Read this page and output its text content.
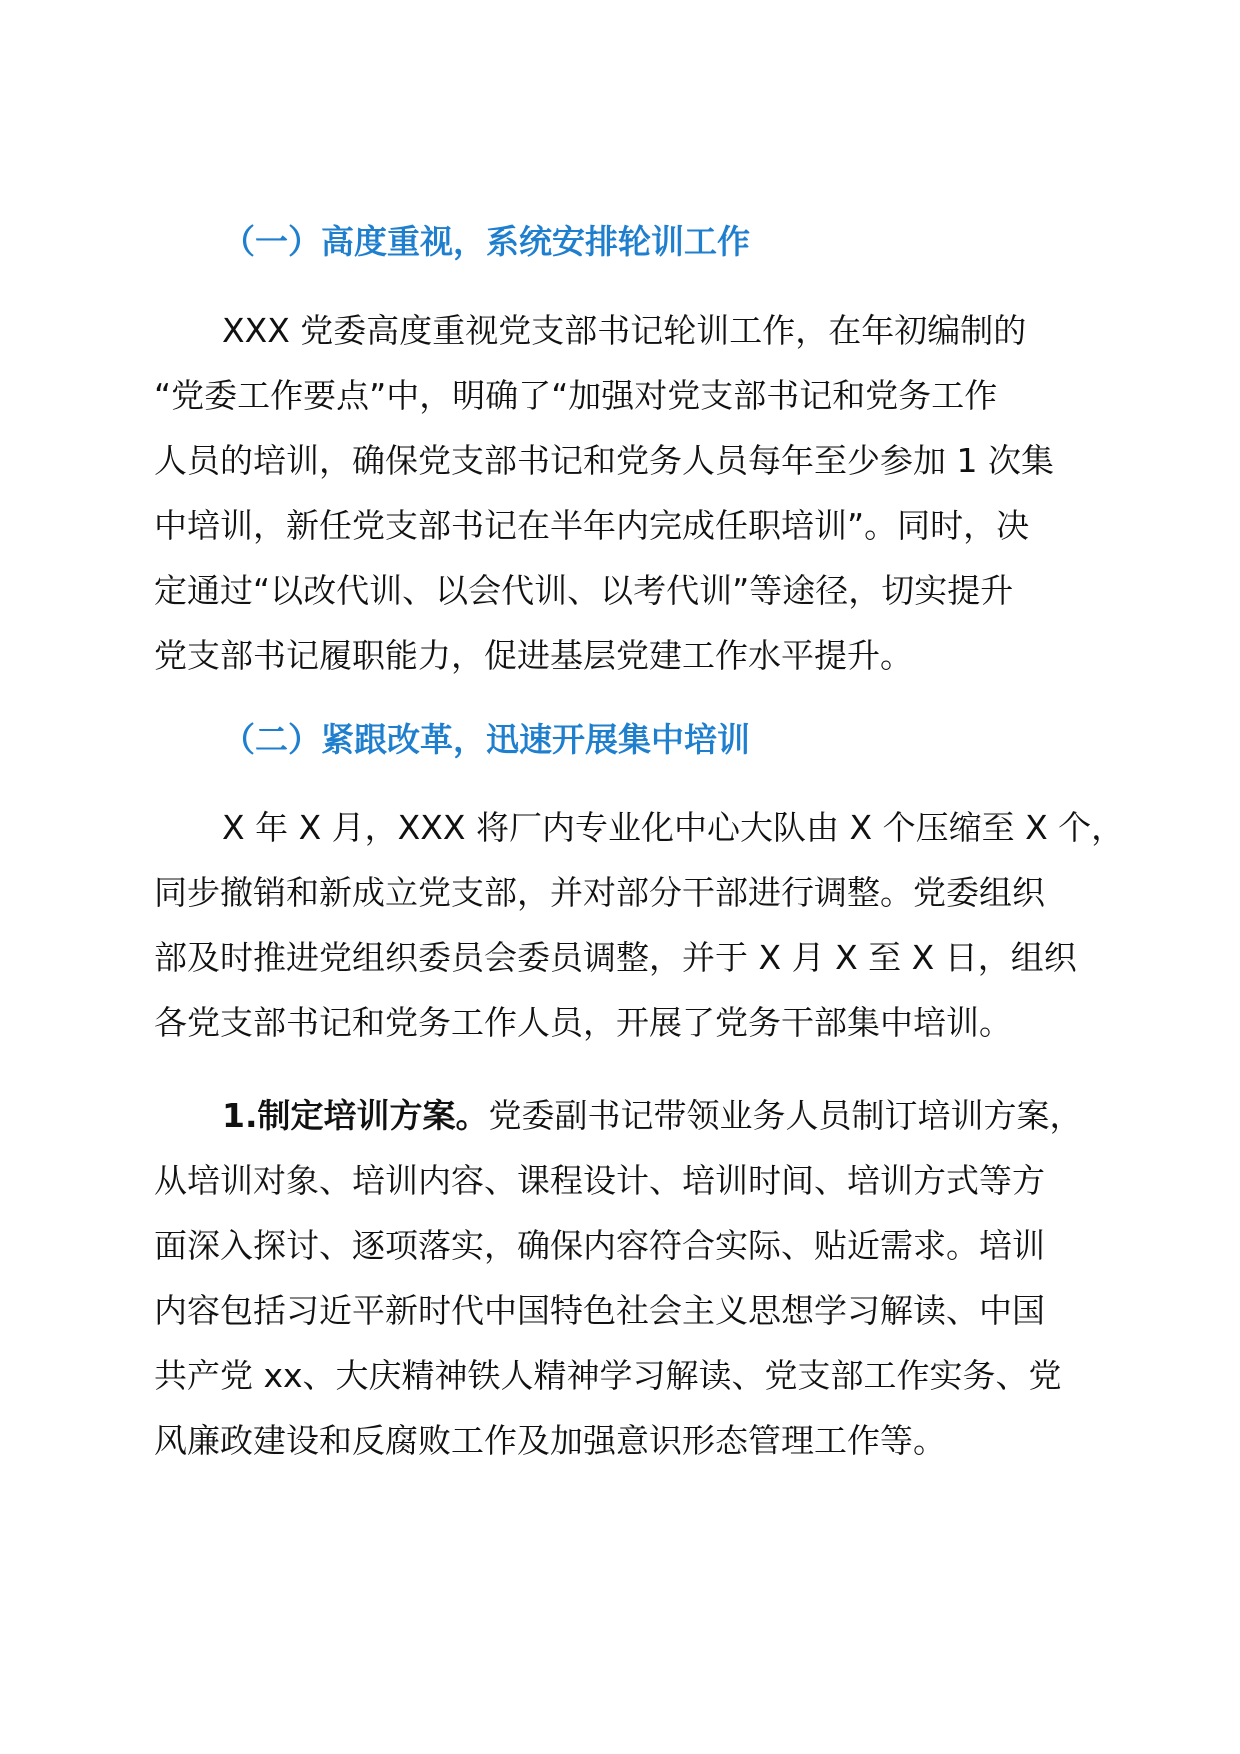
（一）高度重视，系统安排轮训工作

XXX 党委高度重视党支部书记轮训工作，在年初编制的
“党委工作要点”中，明确了“加强对党支部书记和党务工作
人员的培训，确保党支部书记和党务人员每年至少参加 1 次集
中培训，新任党支部书记在半年内完成任职培训”。同时，决
定通过“以改代训、以会代训、以考代训”等途径，切实提升
党支部书记履职能力，促进基层党建工作水平提升。

（二）紧跟改革，迅速开展集中培训

X 年 X 月，XXX 将厂内专业化中心大队由 X 个压缩至 X 个，
同步撤销和新成立党支部，并对部分干部进行调整。党委组织
部及时推进党组织委员会委员调整，并于 X 月 X 至 X 日，组织
各党支部书记和党务工作人员，开展了党务干部集中培训。

1.制定培训方案。党委副书记带领业务人员制订培训方案，
从培训对象、培训内容、课程设计、培训时间、培训方式等方
面深入探讨、逐项落实，确保内容符合实际、贴近需求。培训
内容包括习近平新时代中国特色社会主义思想学习解读、中国
共产党 xx、大庆精神铁人精神学习解读、党支部工作实务、党
风廉政建设和反腐败工作及加强意识形态管理工作等。
